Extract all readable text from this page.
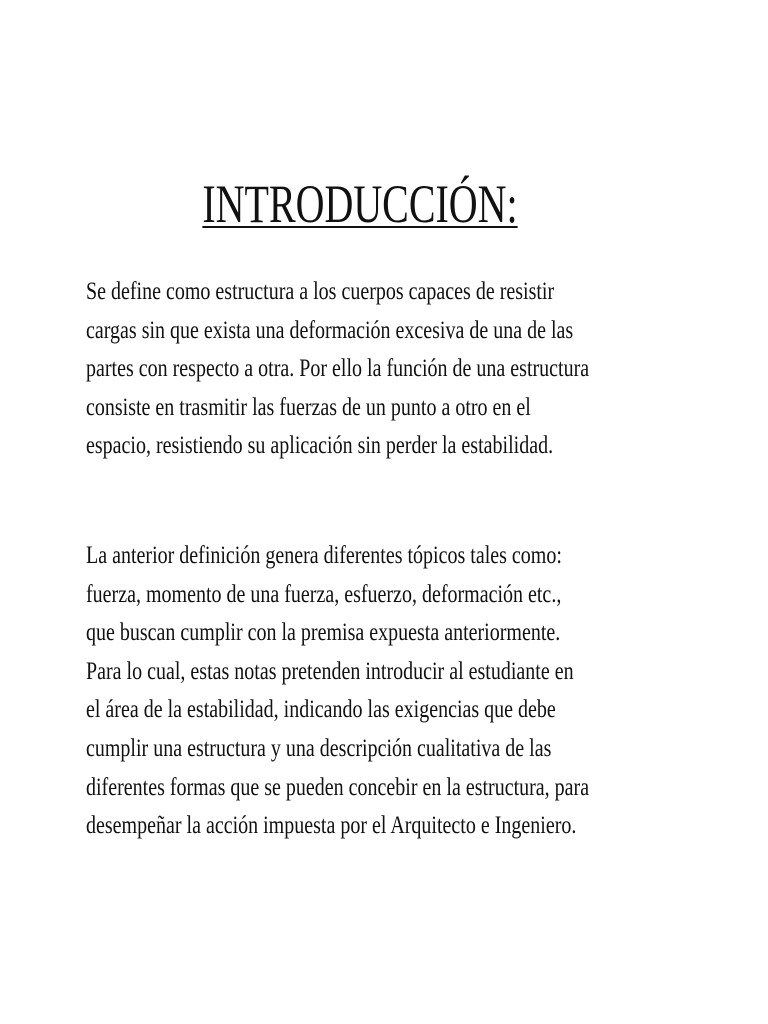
INTRODUCCIÓN:
Se define como estructura a los cuerpos capaces de resistir
cargas sin que exista una deformación excesiva de una de las
partes con respecto a otra. Por ello la función de una estructura
consiste en trasmitir las fuerzas de un punto a otro en el
espacio, resistiendo su aplicación sin perder la estabilidad.
La anterior definición genera diferentes tópicos tales como:
fuerza, momento de una fuerza, esfuerzo, deformación etc.,
que buscan cumplir con la premisa expuesta anteriormente.
Para lo cual, estas notas pretenden introducir al estudiante en
el área de la estabilidad, indicando las exigencias que debe
cumplir una estructura y una descripción cualitativa de las
diferentes formas que se pueden concebir en la estructura, para
desempeñar la acción impuesta por el Arquitecto e Ingeniero.
